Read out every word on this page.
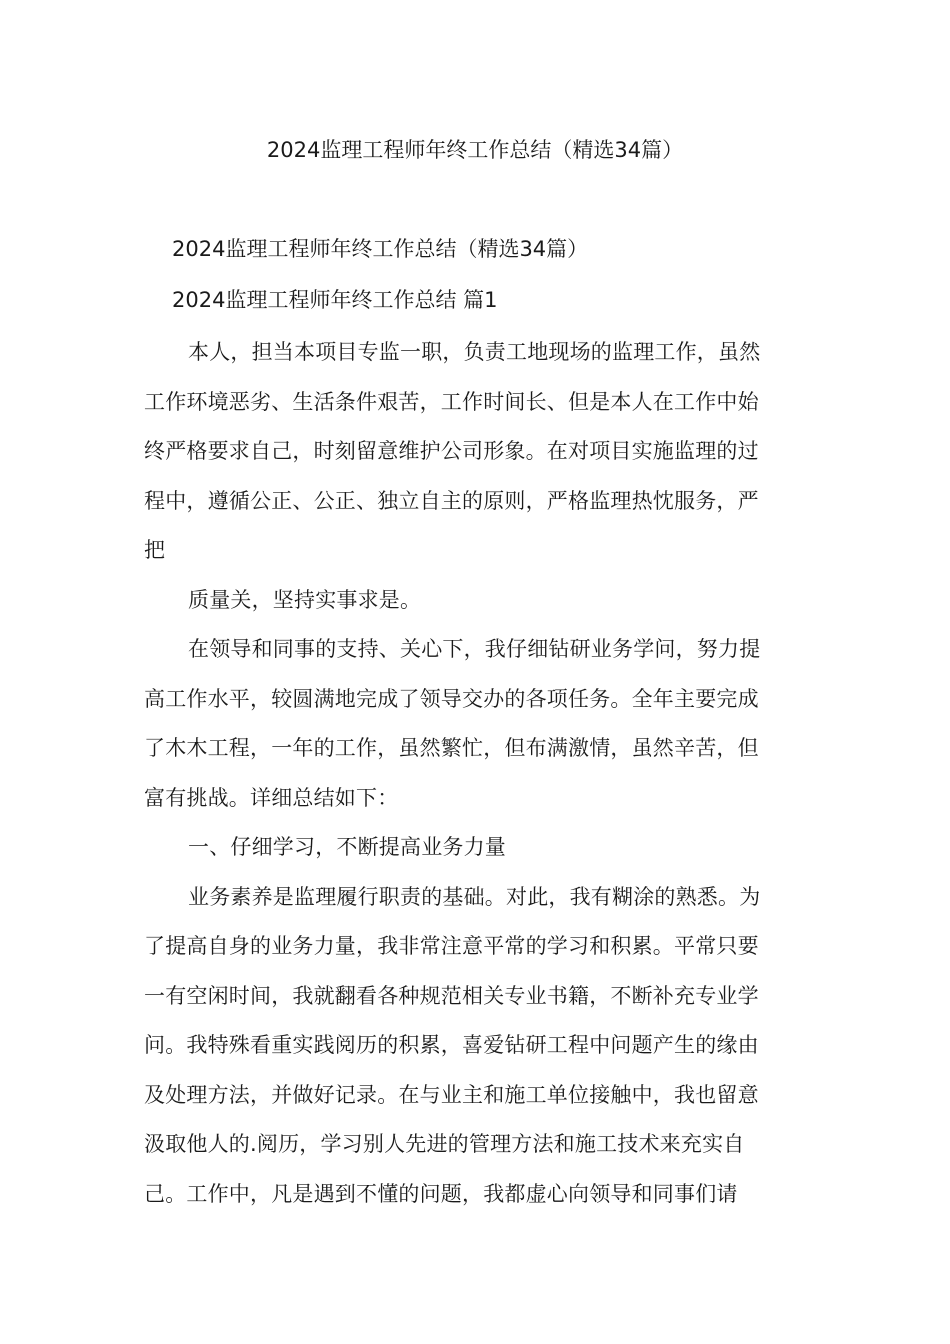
2024监理工程师年终工作总结（精选34篇）
2024监理工程师年终工作总结（精选34篇）
2024监理工程师年终工作总结 篇1

本人，担当本项目专监一职，负责工地现场的监理工作，虽然
工作环境恶劣、生活条件艰苦，工作时间长、但是本人在工作中始
终严格要求自己，时刻留意维护公司形象。在对项目实施监理的过
程中，遵循公正、公正、独立自主的原则，严格监理热忱服务，严
把

质量关，坚持实事求是。

在领导和同事的支持、关心下，我仔细钻研业务学问，努力提
高工作水平，较圆满地完成了领导交办的各项任务。全年主要完成
了木木工程，一年的工作，虽然繁忙，但布满激情，虽然辛苦，但
富有挑战。详细总结如下：

一、仔细学习，不断提高业务力量

业务素养是监理履行职责的基础。对此，我有糊涂的熟悉。为
了提高自身的业务力量，我非常注意平常的学习和积累。平常只要
一有空闲时间，我就翻看各种规范相关专业书籍，不断补充专业学
问。我特殊看重实践阅历的积累，喜爱钻研工程中问题产生的缘由
及处理方法，并做好记录。在与业主和施工单位接触中，我也留意
汲取他人的.阅历，学习别人先进的管理方法和施工技术来充实自
己。工作中，凡是遇到不懂的问题，我都虚心向领导和同事们请
